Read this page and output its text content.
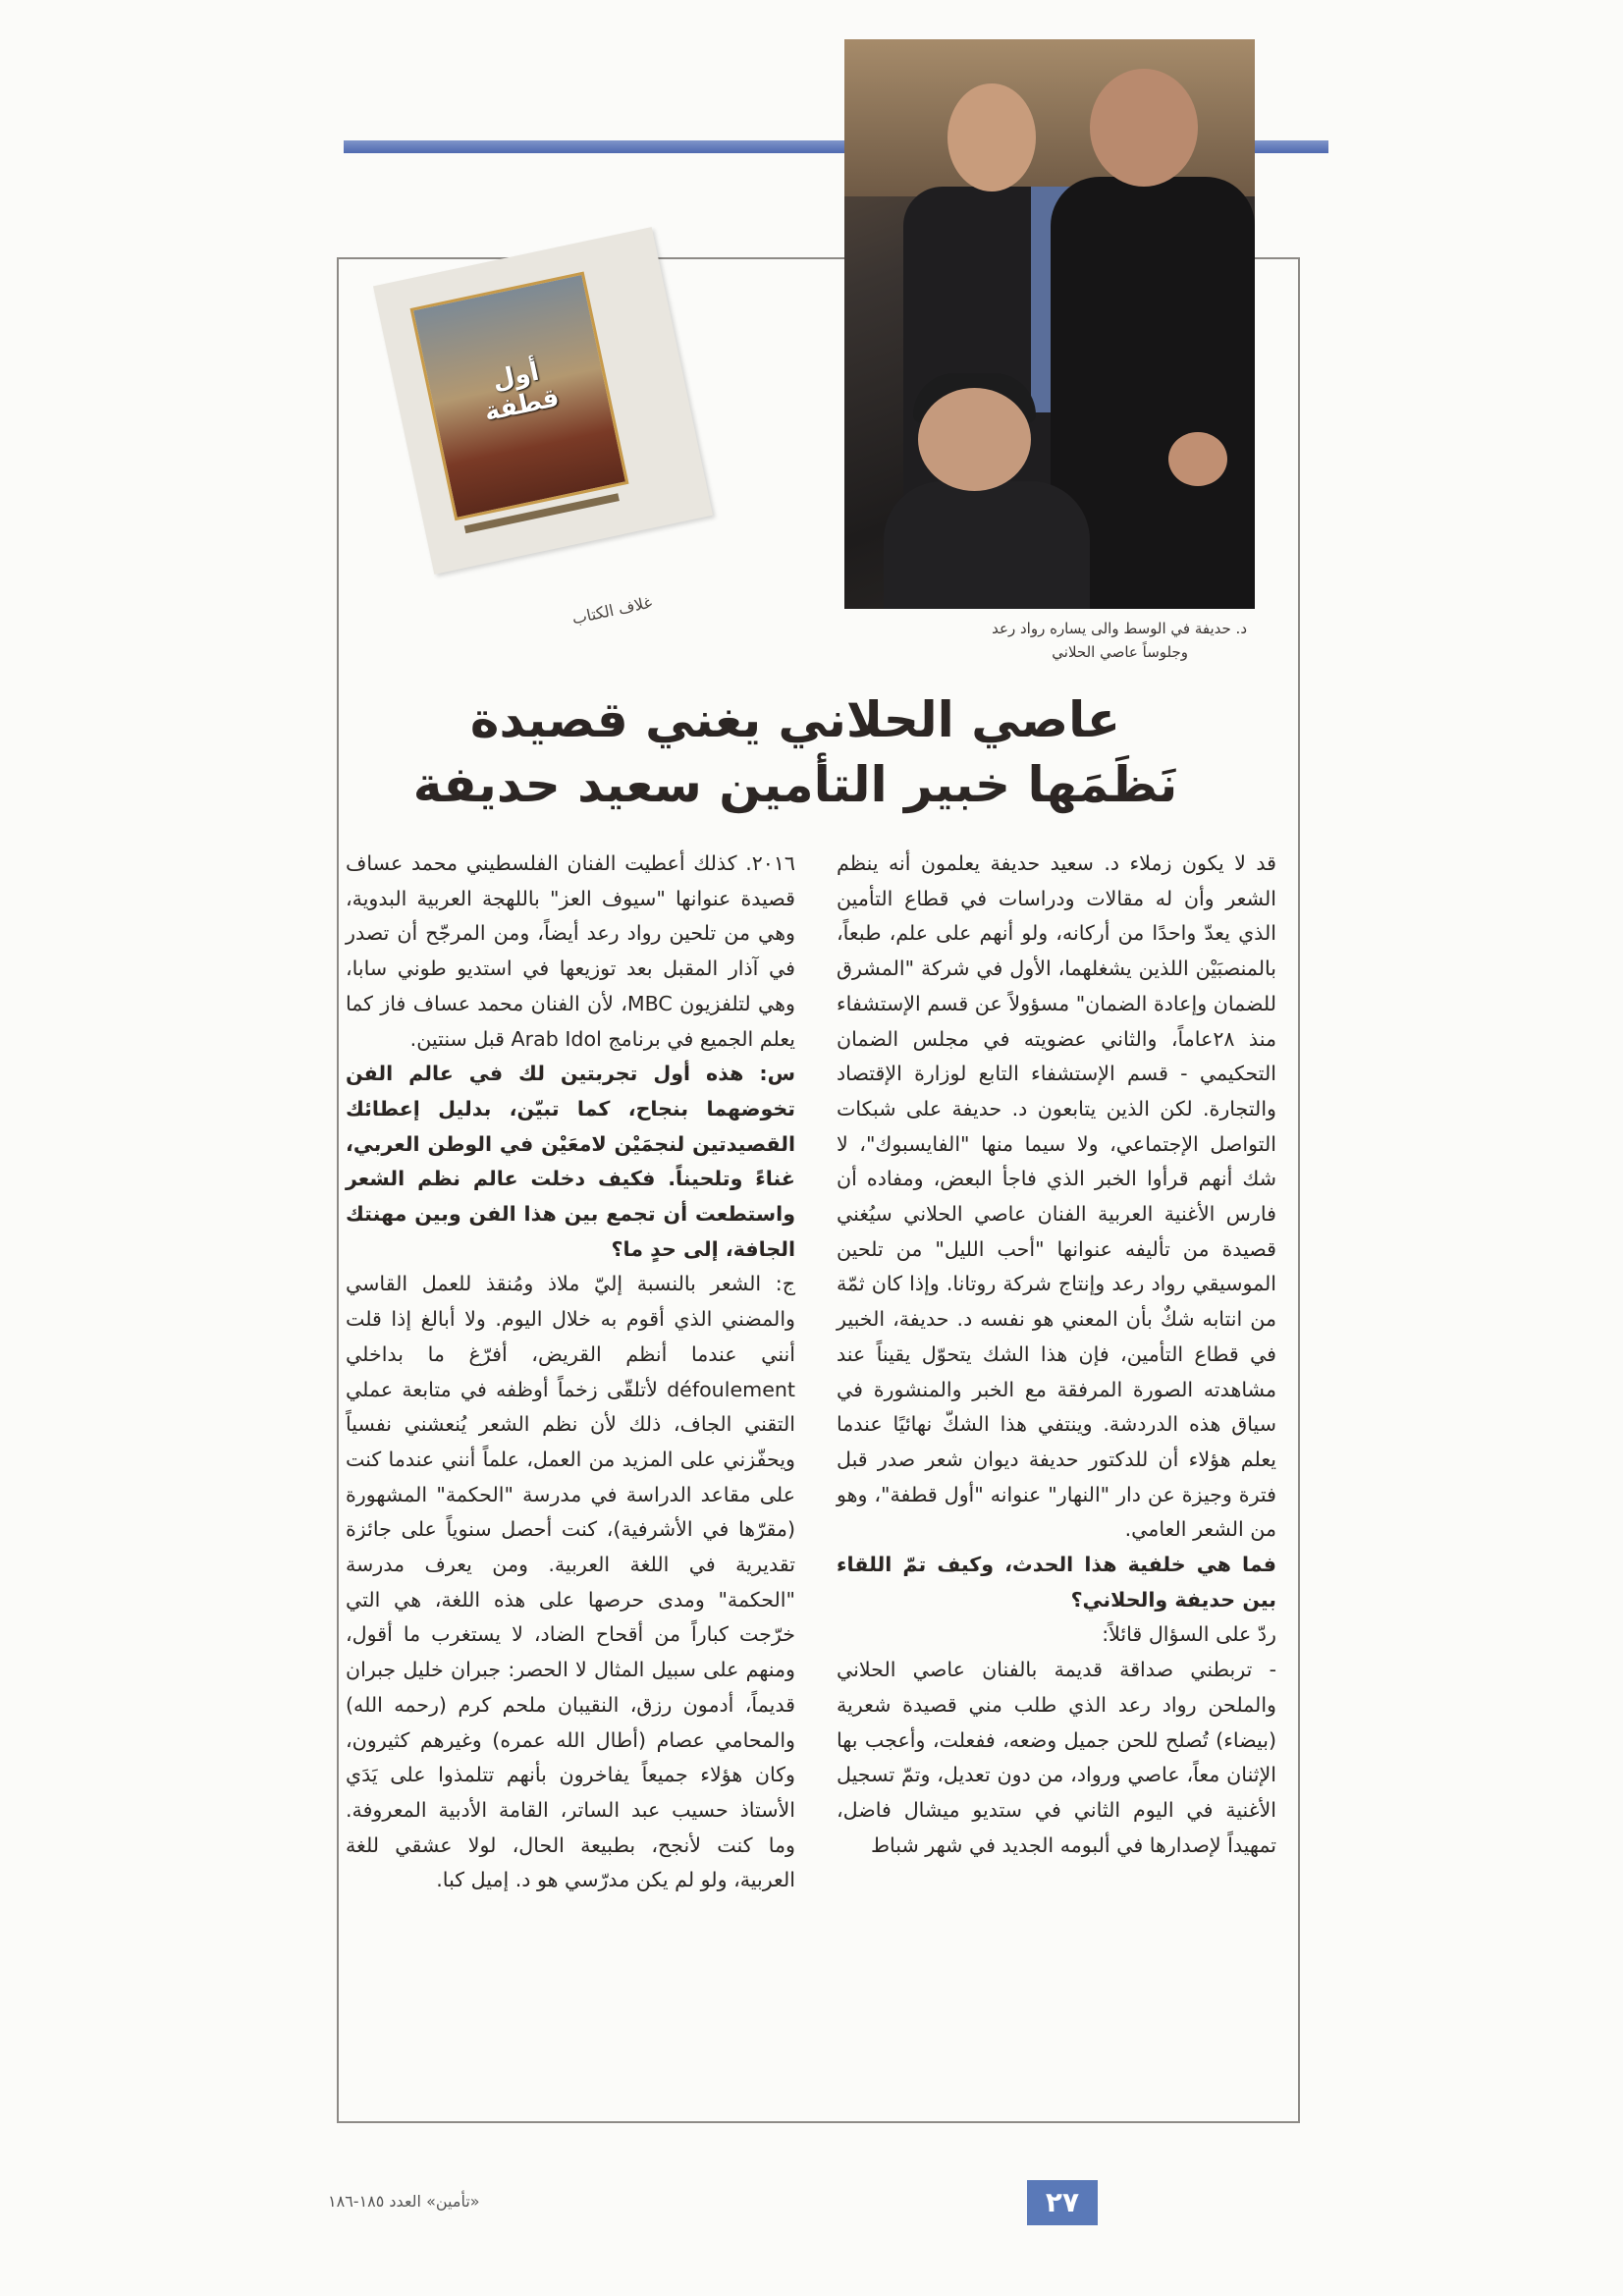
د. حديفة في الوسط والى يساره رواد رعد
وجلوساً عاصي الحلاني
أول قطفة
غلاف الكتاب
عاصي الحلاني يغني قصيدة
نَظَمَها خبير التأمين سعيد حديفة

قد لا يكون زملاء د. سعيد حديفة يعلمون أنه ينظم الشعر وأن له مقالات ودراسات في قطاع التأمين الذي يعدّ واحدًا من أركانه، ولو أنهم على علم، طبعاً، بالمنصبَيْن اللذين يشغلهما، الأول في شركة "المشرق للضمان وإعادة الضمان" مسؤولاً عن قسم الإستشفاء منذ ٢٨عاماً، والثاني عضويته في مجلس الضمان التحكيمي - قسم الإستشفاء التابع لوزارة الإقتصاد والتجارة. لكن الذين يتابعون د. حديفة على شبكات التواصل الإجتماعي، ولا سيما منها "الفايسبوك"، لا شك أنهم قرأوا الخبر الذي فاجأ البعض، ومفاده أن فارس الأغنية العربية الفنان عاصي الحلاني سيُغني قصيدة من تأليفه عنوانها "أحب الليل" من تلحين الموسيقي رواد رعد وإنتاج شركة روتانا. وإذا كان ثمّة من انتابه شكٌ بأن المعني هو نفسه د. حديفة، الخبير في قطاع التأمين، فإن هذا الشك يتحوّل يقيناً عند مشاهدته الصورة المرفقة مع الخبر والمنشورة في سياق هذه الدردشة. وينتفي هذا الشكّ نهائيًا عندما يعلم هؤلاء أن للدكتور حديفة ديوان شعر صدر قبل فترة وجيزة عن دار "النهار" عنوانه "أول قطفة"، وهو من الشعر العامي.

فما هي خلفية هذا الحدث، وكيف تمّ اللقاء بين حديفة والحلاني؟

ردّ على السؤال قائلاً:

- تربطني صداقة قديمة بالفنان عاصي الحلاني والملحن رواد رعد الذي طلب مني قصيدة شعرية (بيضاء) تُصلح للحن جميل وضعه، ففعلت، وأعجب بها الإثنان معاً، عاصي ورواد، من دون تعديل، وتمّ تسجيل الأغنية في اليوم الثاني في ستديو ميشال فاضل، تمهيداً لإصدارها في ألبومه الجديد في شهر شباط

٢٠١٦. كذلك أعطيت الفنان الفلسطيني محمد عساف قصيدة عنوانها "سيوف العز" باللهجة العربية البدوية، وهي من تلحين رواد رعد أيضاً، ومن المرجّح أن تصدر في آذار المقبل بعد توزيعها في استديو طوني سابا، وهي لتلفزيون MBC، لأن الفنان محمد عساف فاز كما يعلم الجميع في برنامج Arab Idol قبل سنتين.

س: هذه أول تجربتين لك في عالم الفن تخوضهما بنجاح، كما تبيّن، بدليل إعطائك القصيدتين لنجمَيْن لامعَيْن في الوطن العربي، غناءً وتلحيناً. فكيف دخلت عالم نظم الشعر واستطعت أن تجمع بين هذا الفن وبين مهنتك الجافة، إلى حدٍ ما؟

ج: الشعر بالنسبة إليّ ملاذ ومُنقذ للعمل القاسي والمضني الذي أقوم به خلال اليوم. ولا أبالغ إذا قلت أنني عندما أنظم القريض، أفرّغ ما بداخلي défoulement لأتلقّى زخماً أوظفه في متابعة عملي التقني الجاف، ذلك لأن نظم الشعر يُنعشني نفسياً ويحفّزني على المزيد من العمل، علماً أنني عندما كنت على مقاعد الدراسة في مدرسة "الحكمة" المشهورة (مقرّها في الأشرفية)، كنت أحصل سنوياً على جائزة تقديرية في اللغة العربية. ومن يعرف مدرسة "الحكمة" ومدى حرصها على هذه اللغة، هي التي خرّجت كباراً من أقحاح الضاد، لا يستغرب ما أقول، ومنهم على سبيل المثال لا الحصر: جبران خليل جبران قديماً، أدمون رزق، النقيبان ملحم كرم (رحمه الله) والمحامي عصام (أطال الله عمره) وغيرهم كثيرون، وكان هؤلاء جميعاً يفاخرون بأنهم تتلمذوا على يَدَي الأستاذ حسيب عبد الساتر، القامة الأدبية المعروفة. وما كنت لأنجح، بطبيعة الحال، لولا عشقي للغة العربية، ولو لم يكن مدرّسي هو د. إميل كبا.

٢٧
«تأمين» العدد ١٨٥-١٨٦
